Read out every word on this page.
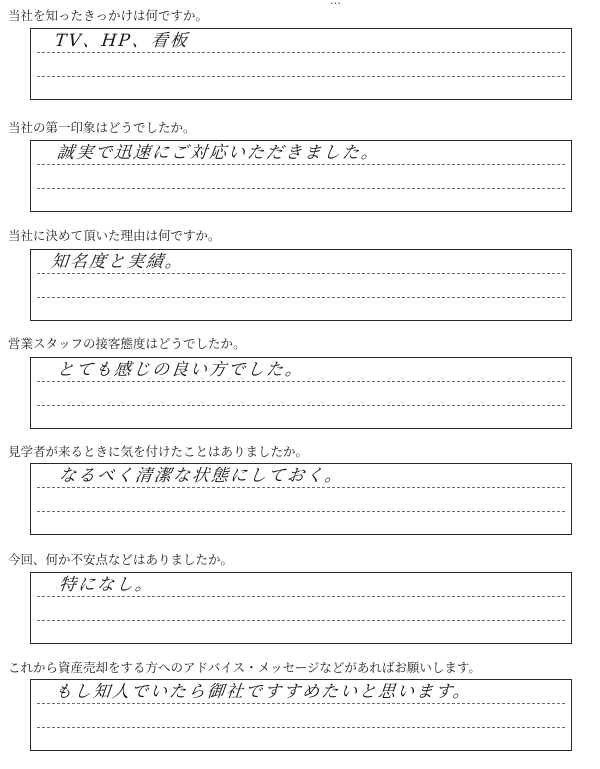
…
当社を知ったきっかけは何ですか。
TV、HP、看板
当社の第一印象はどうでしたか。
誠実で迅速にご対応いただきました。
当社に決めて頂いた理由は何ですか。
知名度と実績。
営業スタッフの接客態度はどうでしたか。
とても感じの良い方でした。
見学者が来るときに気を付けたことはありましたか。
なるべく清潔な状態にしておく。
今回、何か不安点などはありましたか。
特になし。
これから資産売却をする方へのアドバイス・メッセージなどがあればお願いします。
もし知人でいたら御社ですすめたいと思います。
